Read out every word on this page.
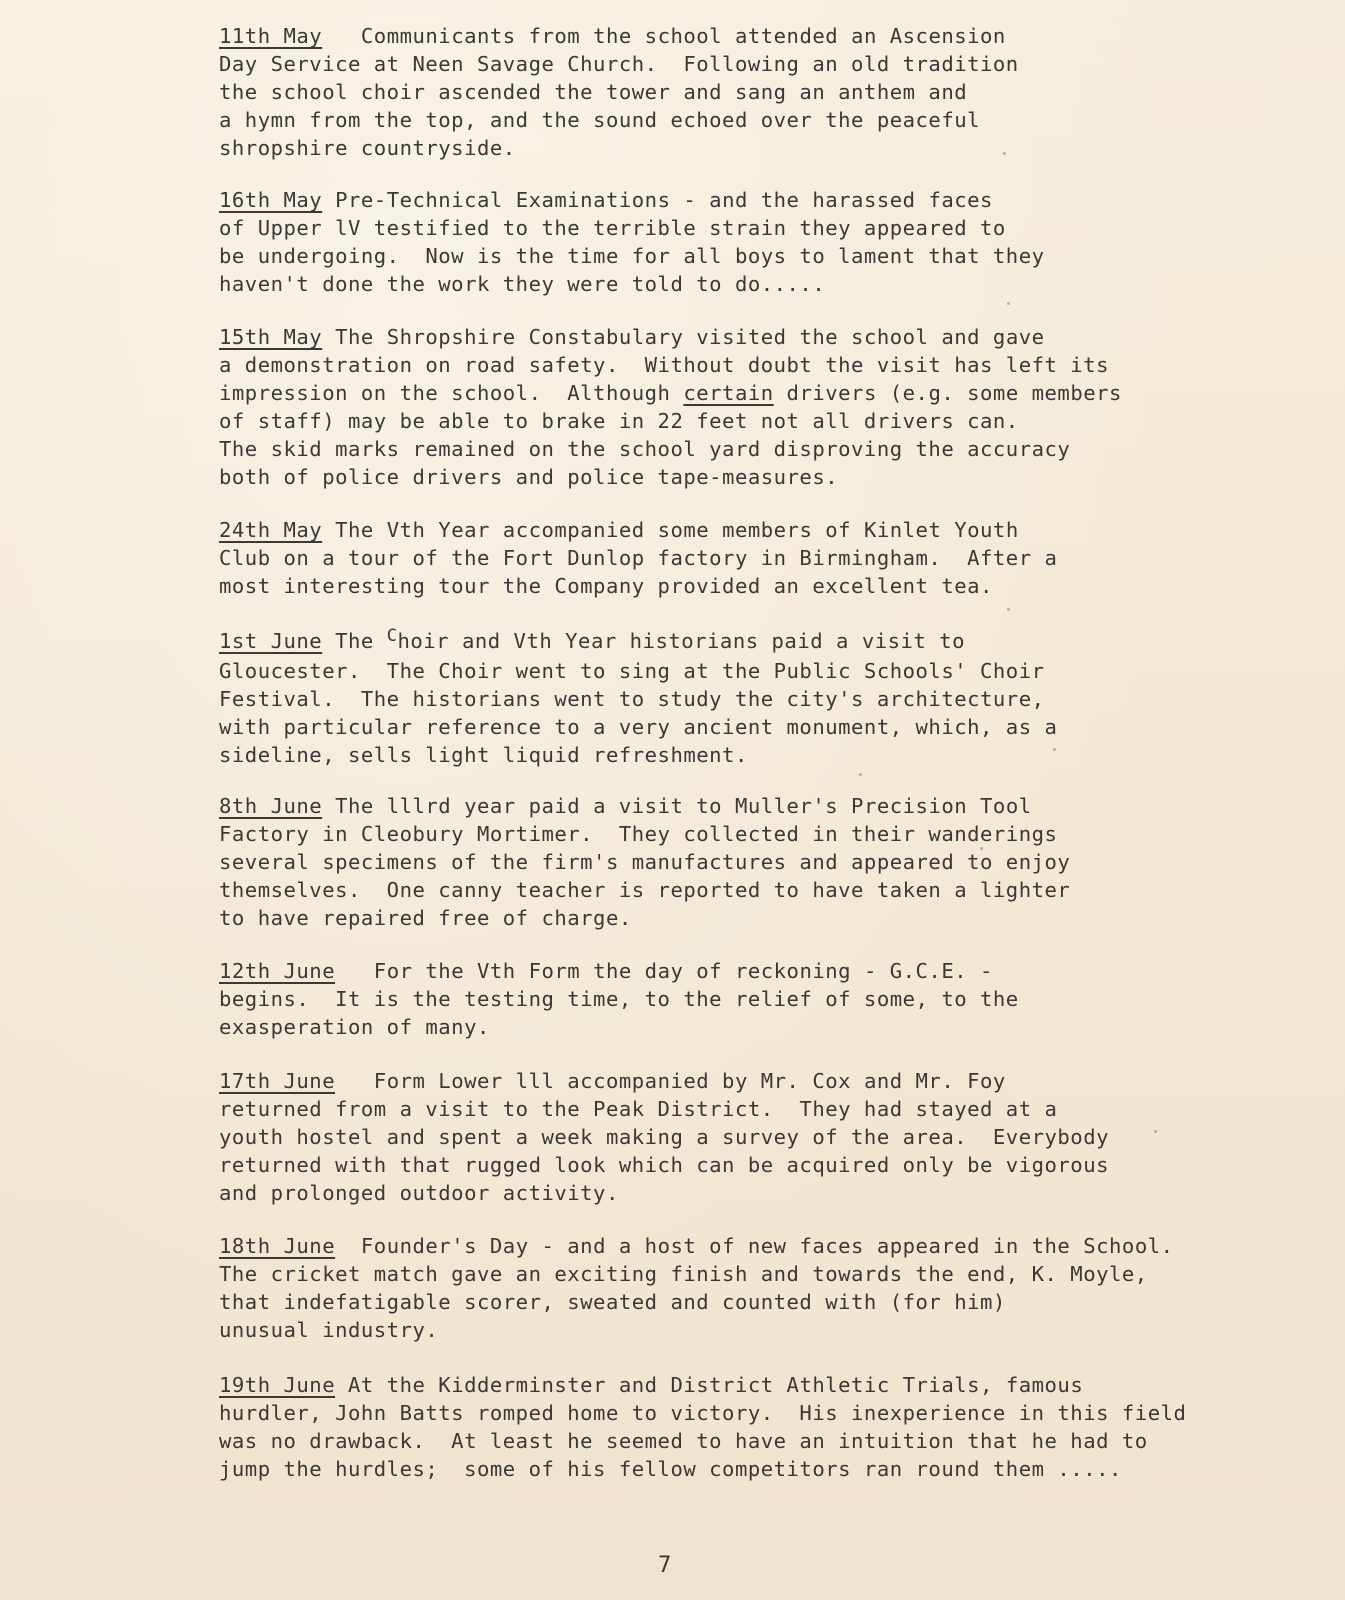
11th May Communicants from the school attended an Ascension
Day Service at Neen Savage Church.  Following an old tradition
the school choir ascended the tower and sang an anthem and
a hymn from the top, and the sound echoed over the peaceful
shropshire countryside.

16th May Pre-Technical Examinations - and the harassed faces
of Upper lV testified to the terrible strain they appeared to
be undergoing.  Now is the time for all boys to lament that they
haven't done the work they were told to do.....

15th May The Shropshire Constabulary visited the school and gave
a demonstration on road safety.  Without doubt the visit has left its
impression on the school.  Although certain drivers (e.g. some members
of staff) may be able to brake in 22 feet not all drivers can.
The skid marks remained on the school yard disproving the accuracy
both of police drivers and police tape-measures.

24th May The Vth Year accompanied some members of Kinlet Youth
Club on a tour of the Fort Dunlop factory in Birmingham.  After a
most interesting tour the Company provided an excellent tea.

1st June The $^C$hoir and Vth Year historians paid a visit to
Gloucester.  The Choir went to sing at the Public Schools' Choir
Festival.  The historians went to study the city's architecture,
with particular reference to a very ancient monument, which, as a
sideline, sells light liquid refreshment.

8th June The lllrd year paid a visit to Muller's Precision Tool
Factory in Cleobury Mortimer.  They collected in their wanderings
several specimens of the firm's manufactures and appeared to enjoy
themselves.  One canny teacher is reported to have taken a lighter
to have repaired free of charge.

12th June For the Vth Form the day of reckoning - G.C.E. -
begins.  It is the testing time, to the relief of some, to the
exasperation of many.

17th June Form Lower lll accompanied by Mr. Cox and Mr. Foy
returned from a visit to the Peak District.  They had stayed at a
youth hostel and spent a week making a survey of the area.  Everybody
returned with that rugged look which can be acquired only be vigorous
and prolonged outdoor activity.

18th June Founder's Day - and a host of new faces appeared in the School.
The cricket match gave an exciting finish and towards the end, K. Moyle,
that indefatigable scorer, sweated and counted with (for him)
unusual industry.

19th June At the Kidderminster and District Athletic Trials, famous
hurdler, John Batts romped home to victory.  His inexperience in this field
was no drawback.  At least he seemed to have an intuition that he had to
jump the hurdles;  some of his fellow competitors ran round them .....

7
